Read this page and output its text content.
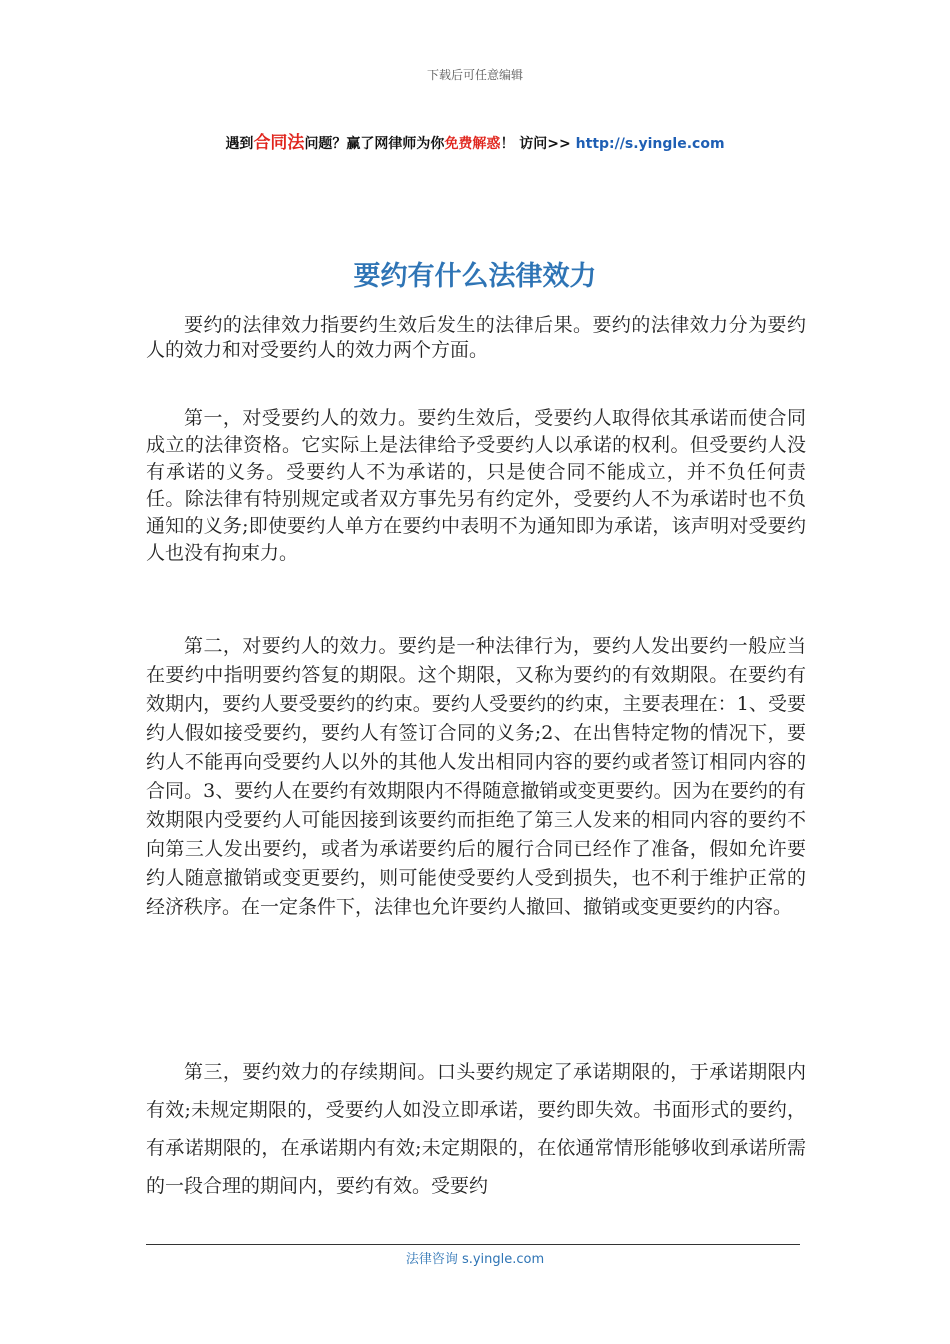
下载后可任意编辑
遇到合同法问题？赢了网律师为你免费解惑！ 访问>> http://s.yingle.com
要约有什么法律效力

要约的法律效力指要约生效后发生的法律后果。要约的法律效力分为要约人的效力和对受要约人的效力两个方面。

第一，对受要约人的效力。要约生效后，受要约人取得依其承诺而使合同成立的法律资格。它实际上是法律给予受要约人以承诺的权利。但受要约人没有承诺的义务。受要约人不为承诺的，只是使合同不能成立，并不负任何责任。除法律有特别规定或者双方事先另有约定外，受要约人不为承诺时也不负通知的义务;即使要约人单方在要约中表明不为通知即为承诺，该声明对受要约人也没有拘束力。

第二，对要约人的效力。要约是一种法律行为，要约人发出要约一般应当在要约中指明要约答复的期限。这个期限，又称为要约的有效期限。在要约有效期内，要约人要受要约的约束。要约人受要约的约束，主要表理在：1、受要约人假如接受要约，要约人有签订合同的义务;2、在出售特定物的情况下，要约人不能再向受要约人以外的其他人发出相同内容的要约或者签订相同内容的合同。3、要约人在要约有效期限内不得随意撤销或变更要约。因为在要约的有效期限内受要约人可能因接到该要约而拒绝了第三人发来的相同内容的要约不向第三人发出要约，或者为承诺要约后的履行合同已经作了准备，假如允许要约人随意撤销或变更要约，则可能使受要约人受到损失，也不利于维护正常的经济秩序。在一定条件下，法律也允许要约人撤回、撤销或变更要约的内容。

第三，要约效力的存续期间。口头要约规定了承诺期限的，于承诺期限内有效;未规定期限的，受要约人如没立即承诺，要约即失效。书面形式的要约，有承诺期限的，在承诺期内有效;未定期限的，在依通常情形能够收到承诺所需的一段合理的期间内，要约有效。受要约

法律咨询 s.yingle.com
